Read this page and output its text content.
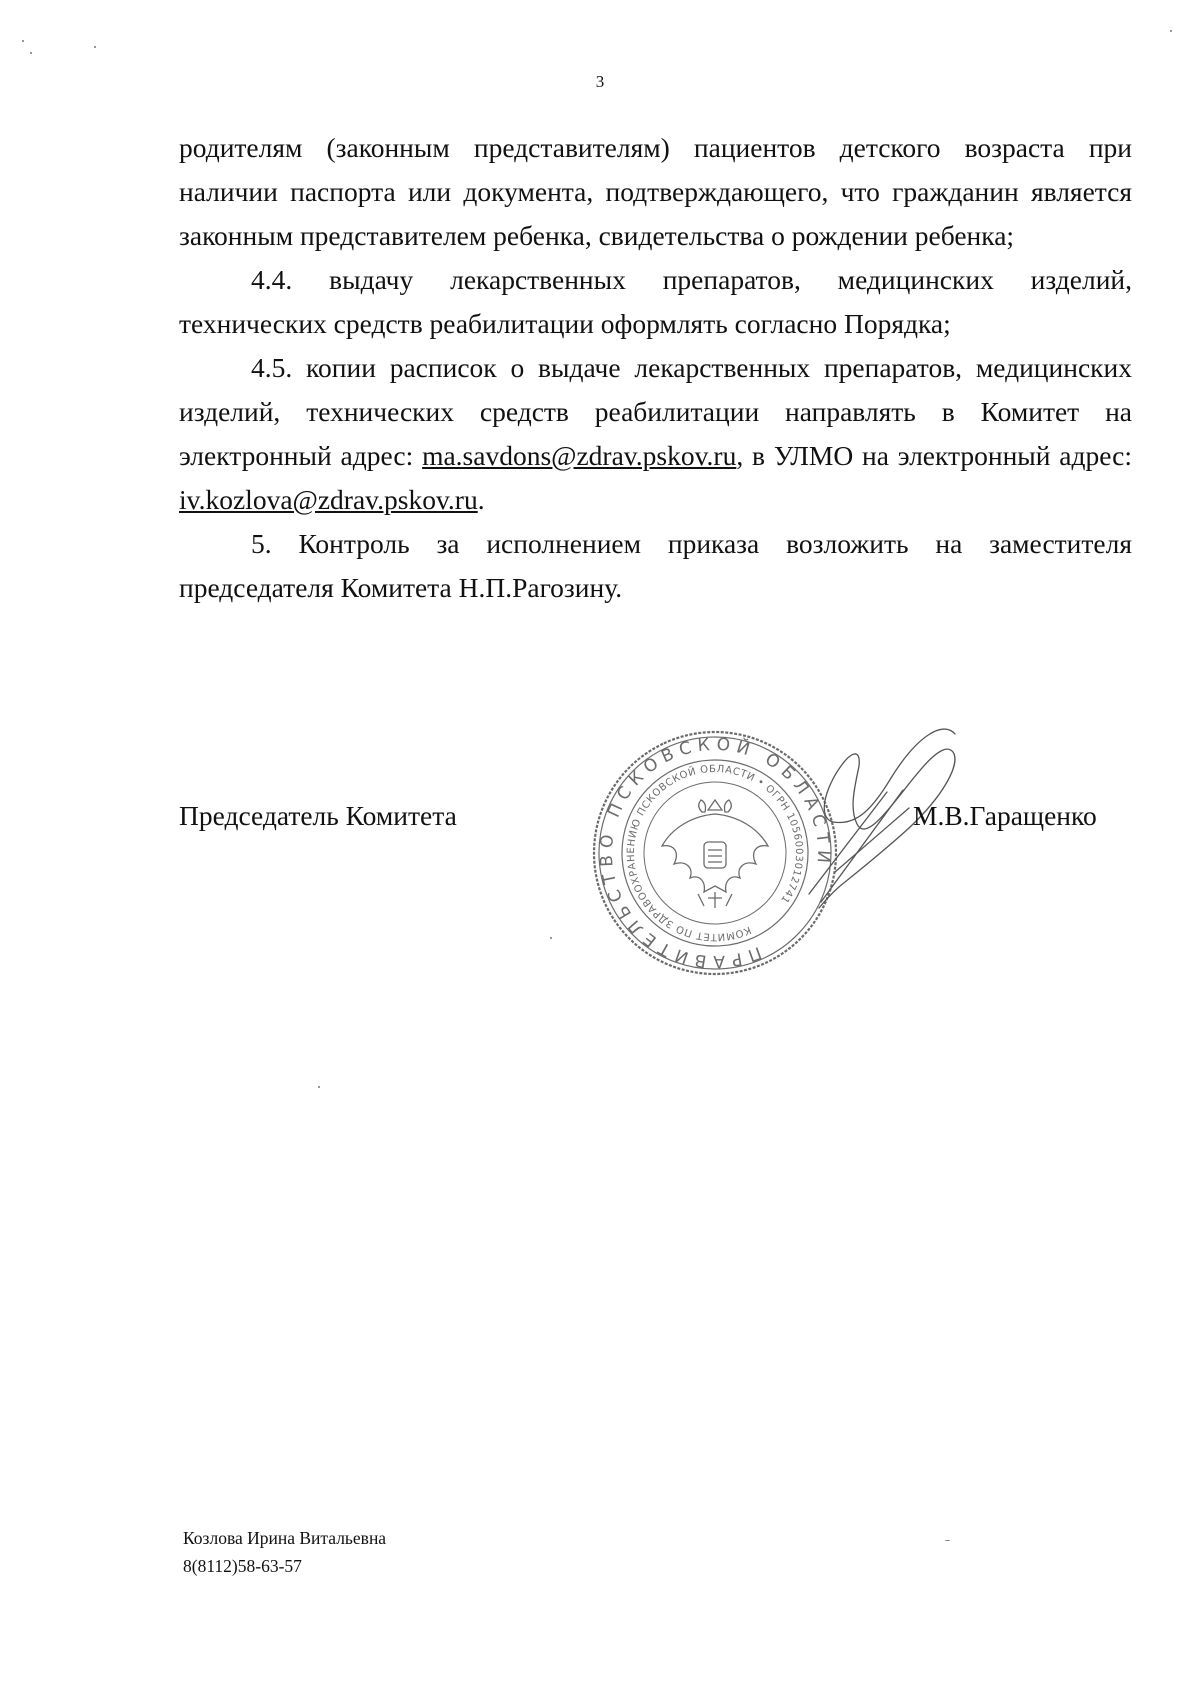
3

родителям (законным представителям) пациентов детского возраста при наличии паспорта или документа, подтверждающего, что гражданин является законным представителем ребенка, свидетельства о рождении ребенка;

4.4. выдачу лекарственных препаратов, медицинских изделий, технических средств реабилитации оформлять согласно Порядка;

4.5. копии расписок о выдаче лекарственных препаратов, медицинских изделий, технических средств реабилитации направлять в Комитет на электронный адрес: ma.savdons@zdrav.pskov.ru, в УЛМО на электронный адрес: iv.kozlova@zdrav.pskov.ru.

5. Контроль за исполнением приказа возложить на заместителя председателя Комитета Н.П.Рагозину.

Председатель Комитета
ПРАВИТЕЛЬСТВО ПСКОВСКОЙ ОБЛАСТИ
КОМИТЕТ ПО ЗДРАВООХРАНЕНИЮ ПСКОВСКОЙ ОБЛАСТИ • ОГРН 1056003012741
М.В.Гаращенко
Козлова Ирина Витальевна
8(8112)58-63-57
